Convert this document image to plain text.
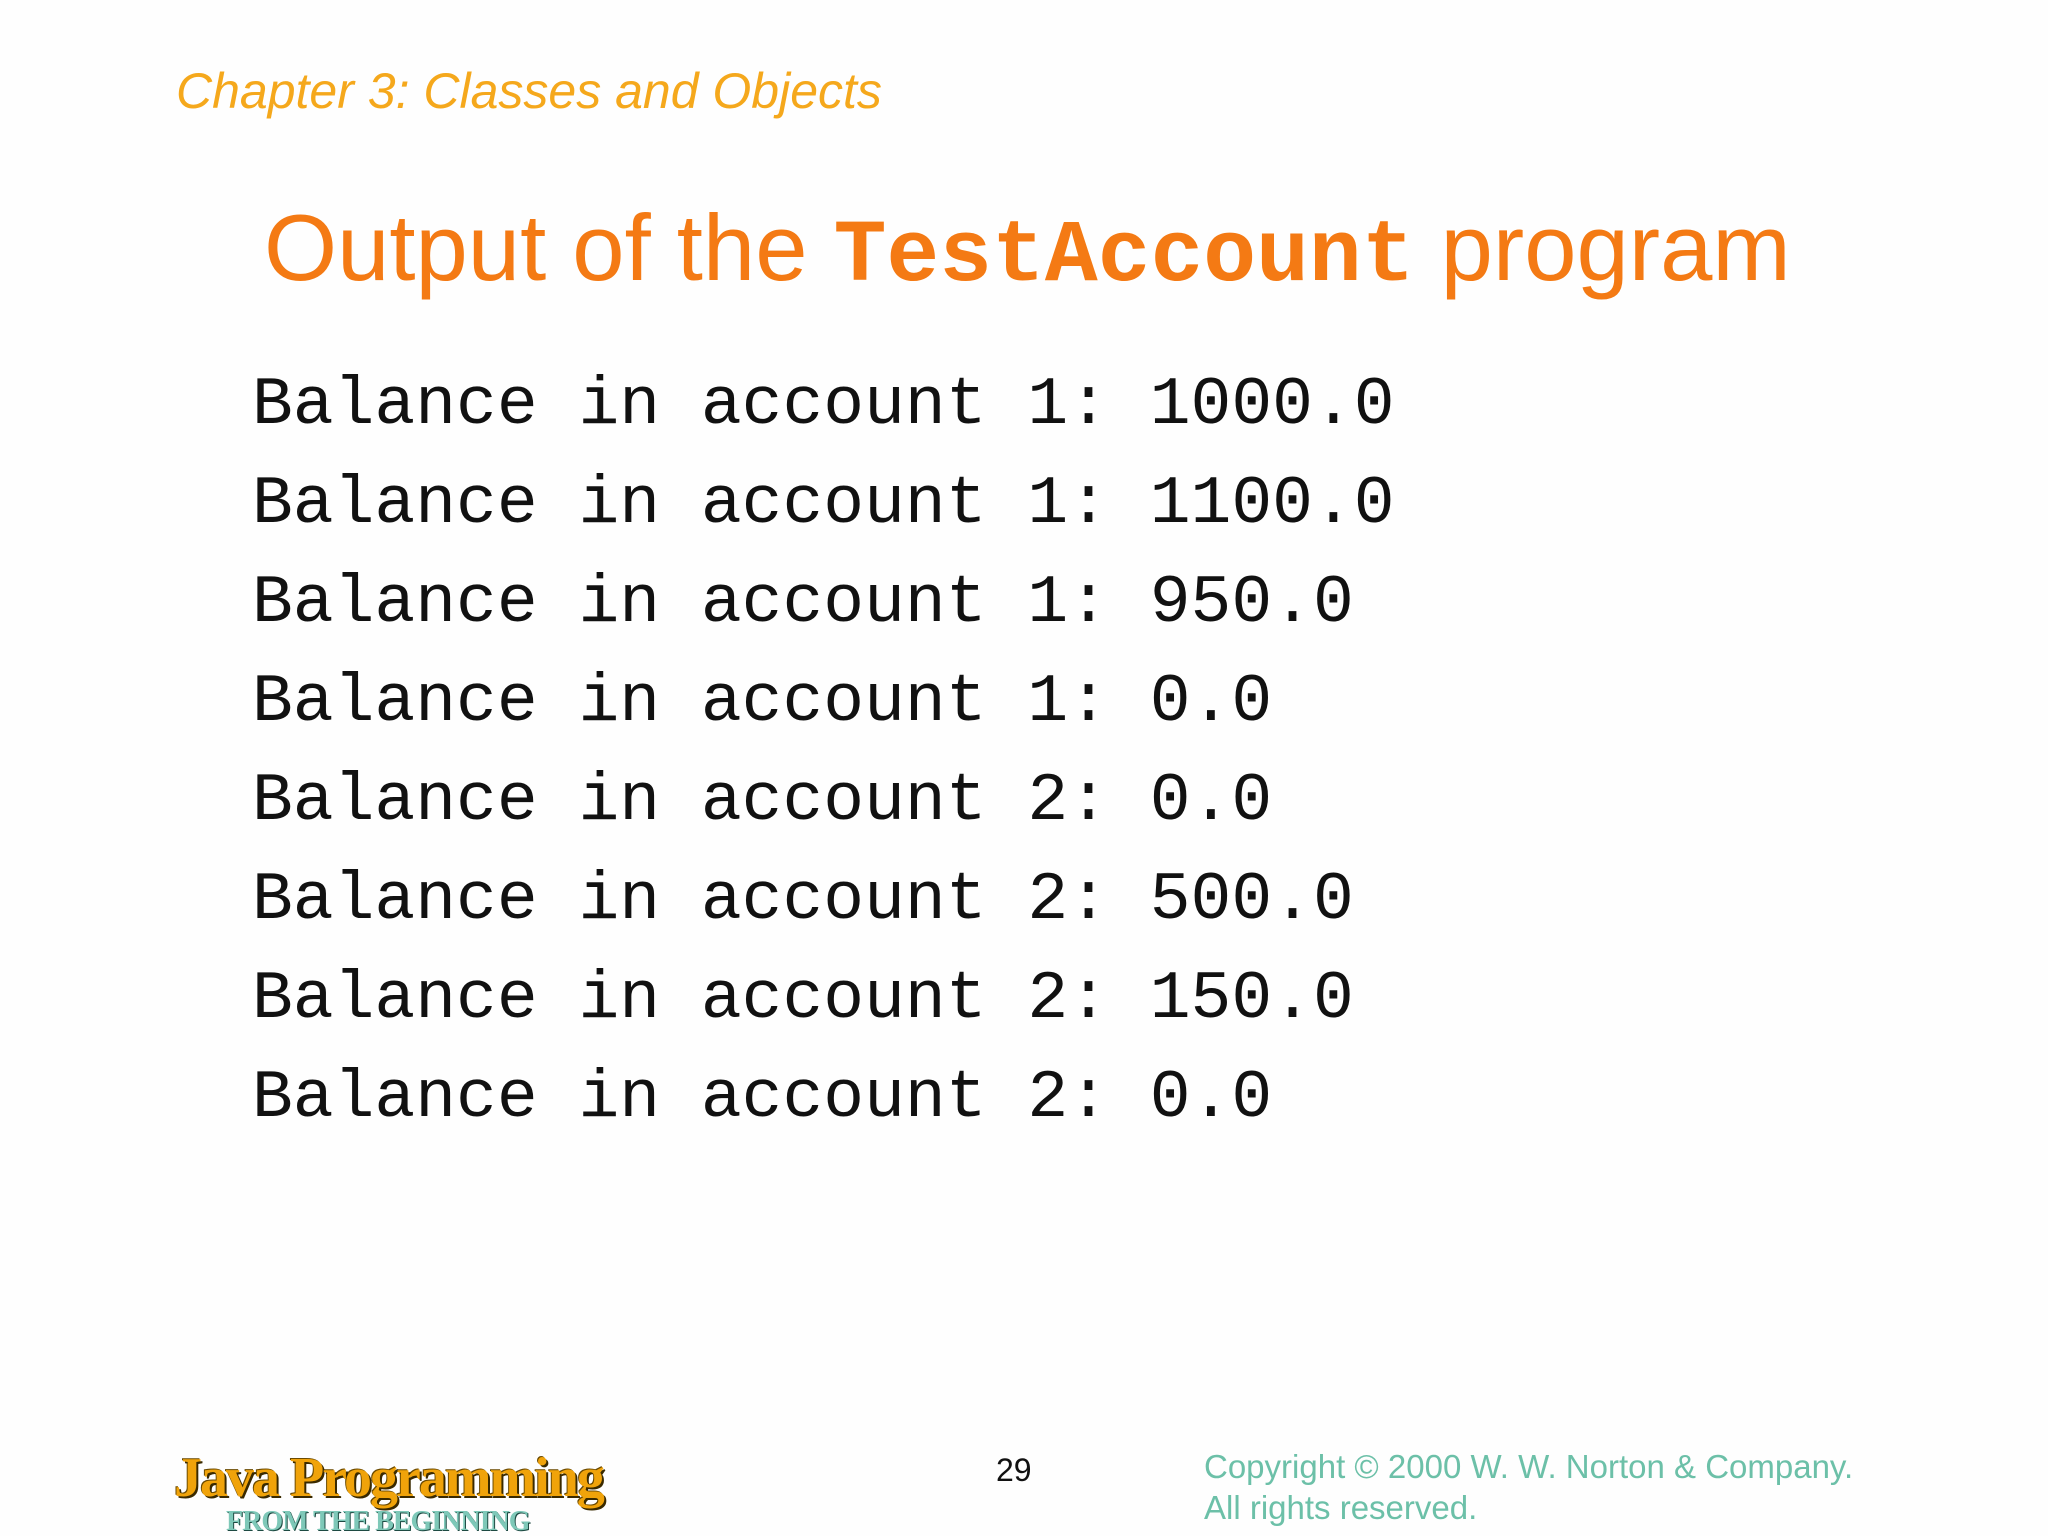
Chapter 3: Classes and Objects
Output of the TestAccount program
Balance in account 1: 1000.0
Balance in account 1: 1100.0
Balance in account 1: 950.0
Balance in account 1: 0.0
Balance in account 2: 0.0
Balance in account 2: 500.0
Balance in account 2: 150.0
Balance in account 2: 0.0
Java Programming
FROM THE BEGINNING
29	Copyright © 2000 W. W. Norton & Company.
All rights reserved.
